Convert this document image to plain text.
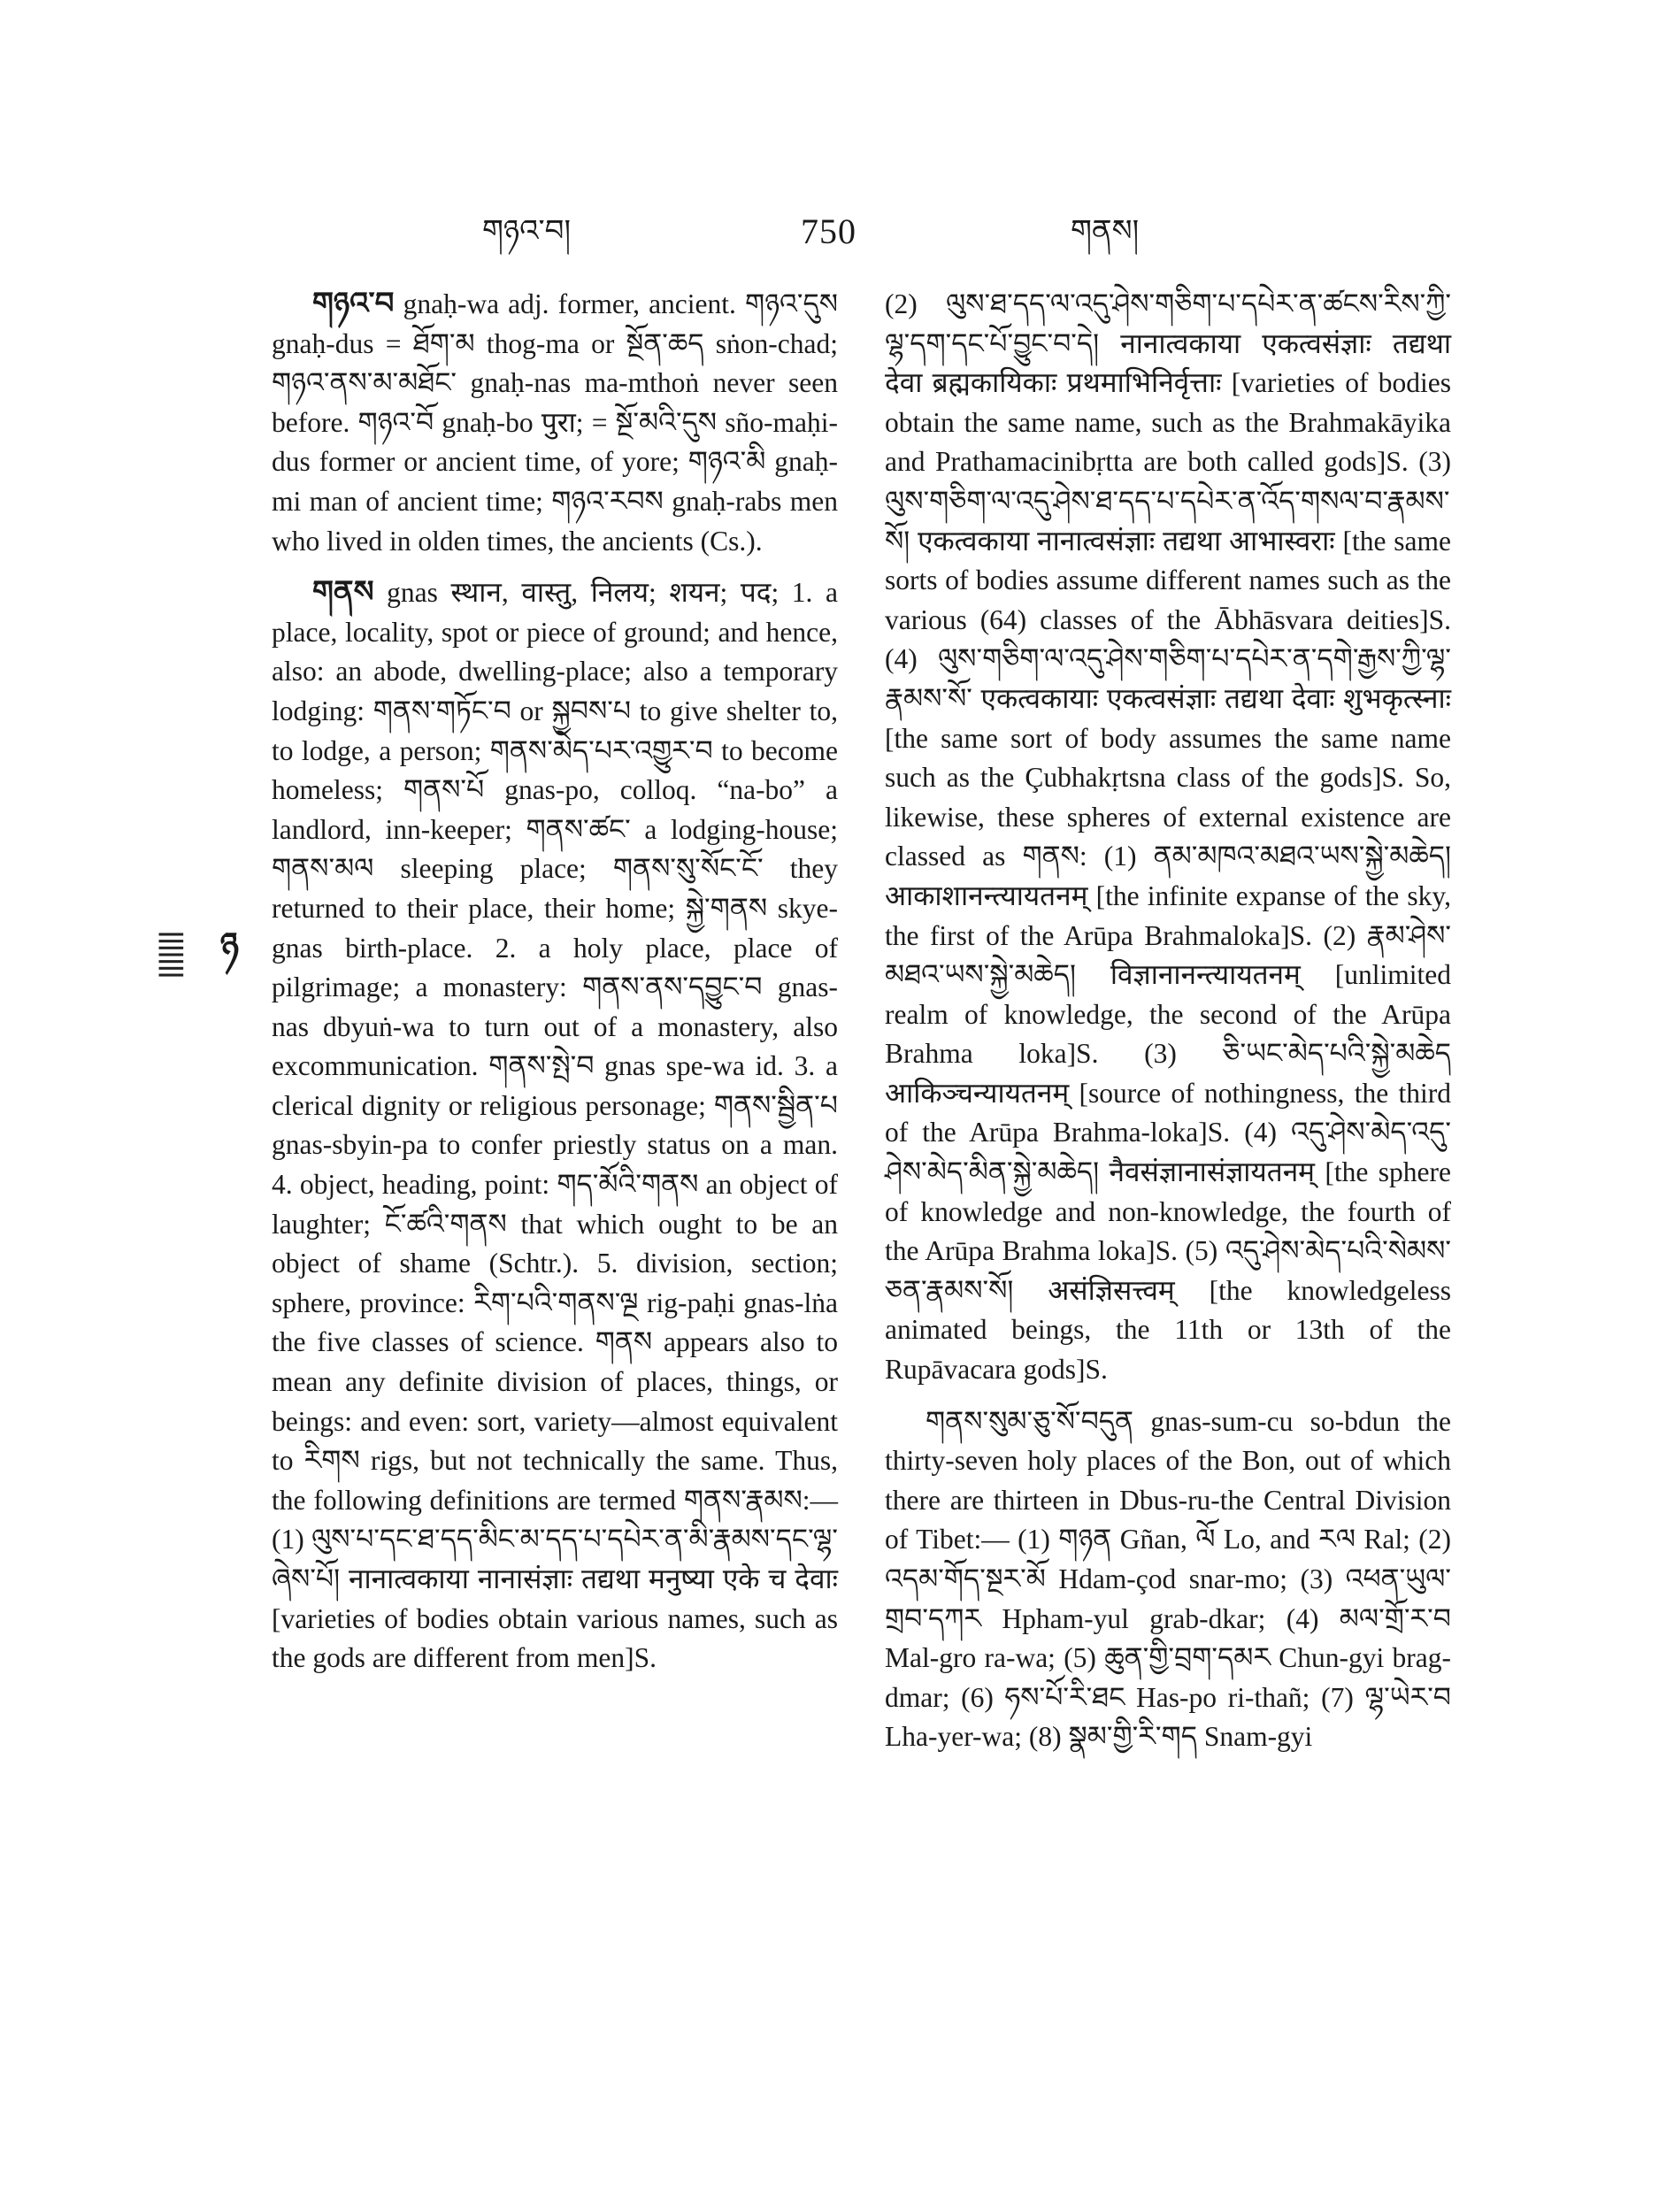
གཉའ་བ།	750	གནས།
ཉ

གཉའ་བ gnaḥ-wa adj. former, ancient. གཉའ་དུས gnaḥ-dus = ཐོག་མ thog-ma or སྔོན་ཆད sṅon-chad; གཉའ་ནས་མ་མཐོང་ gnaḥ-nas ma-mthoṅ never seen before. གཉའ་བོ gnaḥ-bo पुरा; = སྔོ་མའི་དུས sño-maḥi-dus former or ancient time, of yore; གཉའ་མི gnaḥ-mi man of ancient time; གཉའ་རབས gnaḥ-rabs men who lived in olden times, the ancients (Cs.).

གནས gnas स्थान, वास्तु, निलय; शयन; पद; 1. a place, locality, spot or piece of ground; and hence, also: an abode, dwelling-place; also a temporary lodging: གནས་གཏོང་བ or སྐྱབས་པ to give shelter to, to lodge, a person; གནས་མེད་པར་འགྱུར་བ to become homeless; གནས་པོ gnas-po, colloq. “na-bo” a landlord, inn-keeper; གནས་ཚང་ a lodging-house; གནས་མལ sleeping place; གནས་སུ་སོང་ངོ་ they returned to their place, their home; སྐྱེ་གནས skye-gnas birth-place. 2. a holy place, place of pilgrimage; a monastery: གནས་ནས་དབྱུང་བ gnas-nas dbyuṅ-wa to turn out of a monastery, also excommunication. གནས་སྤེ་བ gnas spe-wa id. 3. a clerical dignity or religious personage; གནས་སྦྱིན་པ gnas-sbyin-pa to confer priestly status on a man. 4. object, heading, point: གད་མོའི་གནས an object of laughter; ངོ་ཚའི་གནས that which ought to be an object of shame (Schtr.). 5. division, section; sphere, province: རིག་པའི་གནས་ལྔ rig-paḥi gnas-lṅa the five classes of science. གནས appears also to mean any definite division of places, things, or beings: and even: sort, variety—almost equivalent to རིགས rigs, but not technically the same. Thus, the following definitions are termed གནས་རྣམས:—(1) ལུས་པ་དང་ཐ་དད་མིང་མ་དད་པ་དཔེར་ན་མི་རྣམས་དང་ལྷ་ཞེས་པོ། नानात्वकाया नानासंज्ञाः तद्यथा मनुष्या एके च देवाः [varieties of bodies obtain various names, such as the gods are different from men]S.

(2) ལུས་ཐ་དད་ལ་འདུ་ཤེས་གཅིག་པ་དཔེར་ན་ཚངས་རིས་ཀྱི་ལྷ་དག་དང་པོ་བྱུང་བ་དེ། नानात्वकाया एकत्वसंज्ञाः तद्यथा देवा ब्रह्मकायिकाः प्रथमाभिनिर्वृत्ताः [varieties of bodies obtain the same name, such as the Brahmakāyika and Prathamacinibṛtta are both called gods]S. (3) ལུས་གཅིག་ལ་འདུ་ཤེས་ཐ་དད་པ་དཔེར་ན་འོད་གསལ་བ་རྣམས་སོ། एकत्वकाया नानात्वसंज्ञाः तद्यथा आभास्वराः [the same sorts of bodies assume different names such as the various (64) classes of the Ābhāsvara deities]S. (4) ལུས་གཅིག་ལ་འདུ་ཤེས་གཅིག་པ་དཔེར་ན་དགེ་རྒྱས་ཀྱི་ལྷ་རྣམས་སོ་ एकत्वकायाः एकत्वसंज्ञाः तद्यथा देवाः शुभकृत्स्नाः [the same sort of body assumes the same name such as the Çubhakṛtsna class of the gods]S. So, likewise, these spheres of external existence are classed as གནས: (1) ནམ་མཁའ་མཐའ་ཡས་སྐྱེ་མཆེད། आकाशानन्त्यायतनम् [the infinite expanse of the sky, the first of the Arūpa Brahmaloka]S. (2) རྣམ་ཤེས་མཐའ་ཡས་སྐྱེ་མཆེད། विज्ञानानन्त्यायतनम् [unlimited realm of knowledge, the second of the Arūpa Brahma loka]S. (3) ཅི་ཡང་མེད་པའི་སྐྱེ་མཆེད आकिञ्चन्यायतनम् [source of nothingness, the third of the Arūpa Brahma-loka]S. (4) འདུ་ཤེས་མེད་འདུ་ཤེས་མེད་མིན་སྐྱེ་མཆེད། नैवसंज्ञानासंज्ञायतनम् [the sphere of knowledge and non-knowledge, the fourth of the Arūpa Brahma loka]S. (5) འདུ་ཤེས་མེད་པའི་སེམས་ཅན་རྣམས་སོ། असंज्ञिसत्त्वम् [the knowledgeless animated beings, the 11th or 13th of the Rupāvacara gods]S.

གནས་སུམ་ཅུ་སོ་བདུན gnas-sum-cu so-bdun the thirty-seven holy places of the Bon, out of which there are thirteen in Dbus-ru-the Central Division of Tibet:— (1) གཉན Gñan, ལོ Lo, and རལ Ral; (2) འདམ་གོད་སྔར་མོ Hdam-çod snar-mo; (3) འཕན་ཡུལ་གྲབ་དཀར Hpham-yul grab-dkar; (4) མལ་གྲོ་ར་བ Mal-gro ra-wa; (5) ཆུན་གྱི་བྲག་དམར Chun-gyi brag-dmar; (6) ཧས་པོ་རི་ཐང Has-po ri-thañ; (7) ལྷ་ཡེར་བ Lha-yer-wa; (8) སྣམ་གྱི་རི་གད Snam-gyi
